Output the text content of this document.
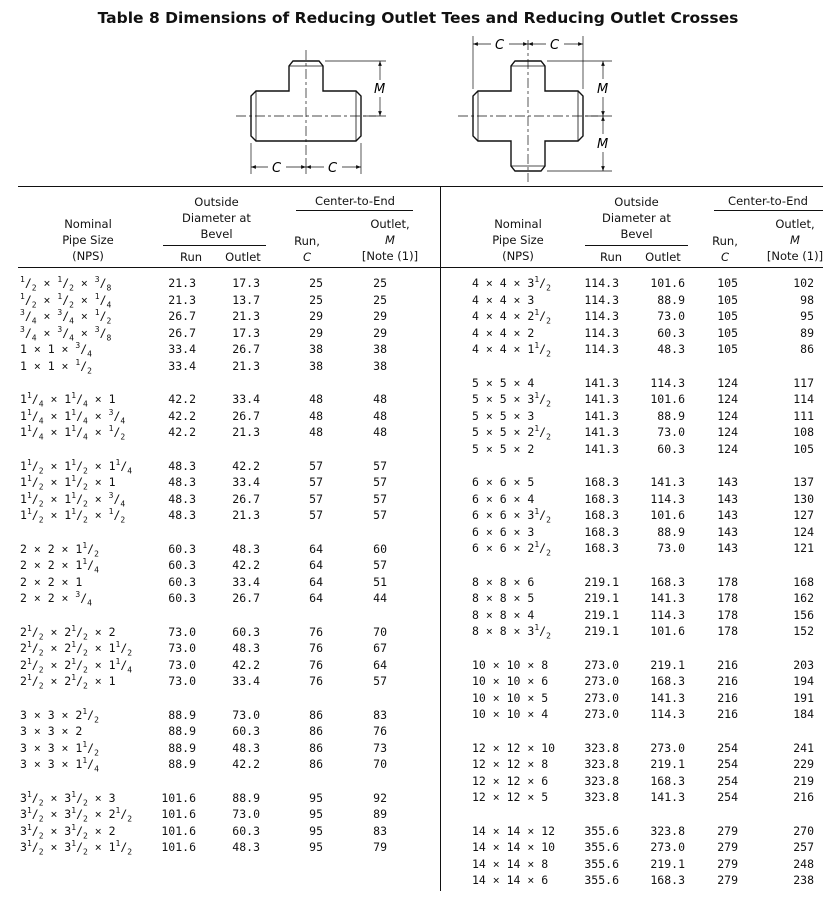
Table 8 Dimensions of Reducing Outlet Tees and Reducing Outlet Crosses
C	C
M
C	C
M
M
Nominal
Pipe Size
(NPS)
Outside
Diameter at
Bevel
Run	Outlet
Center-to-End
Run,
C
Outlet,
M
[Note (1)]
Nominal
Pipe Size
(NPS)
Outside
Diameter at
Bevel
Run	Outlet
Center-to-End
Run,
C
Outlet,
M
[Note (1)]
$^1/_2 \times ^1/_2 \times ^3/_8$	21.3	17.3	25	25
$^1/_2 \times ^1/_2 \times ^1/_4$	21.3	13.7	25	25
$^3/_4 \times ^3/_4 \times ^1/_2$	26.7	21.3	29	29
$^3/_4 \times ^3/_4 \times ^3/_8$	26.7	17.3	29	29
$1 \times 1 \times ^3/_4$	33.4	26.7	38	38
$1 \times 1 \times ^1/_2$	33.4	21.3	38	38
$1^1/_4 \times 1^1/_4 \times 1$	42.2	33.4	48	48
$1^1/_4 \times 1^1/_4 \times ^3/_4$	42.2	26.7	48	48
$1^1/_4 \times 1^1/_4 \times ^1/_2$	42.2	21.3	48	48
$1^1/_2 \times 1^1/_2 \times 1^1/_4$	48.3	42.2	57	57
$1^1/_2 \times 1^1/_2 \times 1$	48.3	33.4	57	57
$1^1/_2 \times 1^1/_2 \times ^3/_4$	48.3	26.7	57	57
$1^1/_2 \times 1^1/_2 \times ^1/_2$	48.3	21.3	57	57
$2 \times 2 \times 1^1/_2$	60.3	48.3	64	60
$2 \times 2 \times 1^1/_4$	60.3	42.2	64	57
2 × 2 × 1	60.3	33.4	64	51
$2 \times 2 \times ^3/_4$	60.3	26.7	64	44
$2^1/_2 \times 2^1/_2 \times 2$	73.0	60.3	76	70
$2^1/_2 \times 2^1/_2 \times 1^1/_2$	73.0	48.3	76	67
$2^1/_2 \times 2^1/_2 \times 1^1/_4$	73.0	42.2	76	64
$2^1/_2 \times 2^1/_2 \times 1$	73.0	33.4	76	57
$3 \times 3 \times 2^1/_2$	88.9	73.0	86	83
3 × 3 × 2	88.9	60.3	86	76
$3 \times 3 \times 1^1/_2$	88.9	48.3	86	73
$3 \times 3 \times 1^1/_4$	88.9	42.2	86	70
$3^1/_2 \times 3^1/_2 \times 3$	101.6	88.9	95	92
$3^1/_2 \times 3^1/_2 \times 2^1/_2$	101.6	73.0	95	89
$3^1/_2 \times 3^1/_2 \times 2$	101.6	60.3	95	83
$3^1/_2 \times 3^1/_2 \times 1^1/_2$	101.6	48.3	95	79
$4 \times 4 \times 3^1/_2$	114.3	101.6	105	102
4 × 4 × 3	114.3	88.9	105	98
$4 \times 4 \times 2^1/_2$	114.3	73.0	105	95
4 × 4 × 2	114.3	60.3	105	89
$4 \times 4 \times 1^1/_2$	114.3	48.3	105	86
5 × 5 × 4	141.3	114.3	124	117
$5 \times 5 \times 3^1/_2$	141.3	101.6	124	114
5 × 5 × 3	141.3	88.9	124	111
$5 \times 5 \times 2^1/_2$	141.3	73.0	124	108
5 × 5 × 2	141.3	60.3	124	105
6 × 6 × 5	168.3	141.3	143	137
6 × 6 × 4	168.3	114.3	143	130
$6 \times 6 \times 3^1/_2$	168.3	101.6	143	127
6 × 6 × 3	168.3	88.9	143	124
$6 \times 6 \times 2^1/_2$	168.3	73.0	143	121
8 × 8 × 6	219.1	168.3	178	168
8 × 8 × 5	219.1	141.3	178	162
8 × 8 × 4	219.1	114.3	178	156
$8 \times 8 \times 3^1/_2$	219.1	101.6	178	152
10 × 10 × 8	273.0	219.1	216	203
10 × 10 × 6	273.0	168.3	216	194
10 × 10 × 5	273.0	141.3	216	191
10 × 10 × 4	273.0	114.3	216	184
12 × 12 × 10	323.8	273.0	254	241
12 × 12 × 8	323.8	219.1	254	229
12 × 12 × 6	323.8	168.3	254	219
12 × 12 × 5	323.8	141.3	254	216
14 × 14 × 12	355.6	323.8	279	270
14 × 14 × 10	355.6	273.0	279	257
14 × 14 × 8	355.6	219.1	279	248
14 × 14 × 6	355.6	168.3	279	238
